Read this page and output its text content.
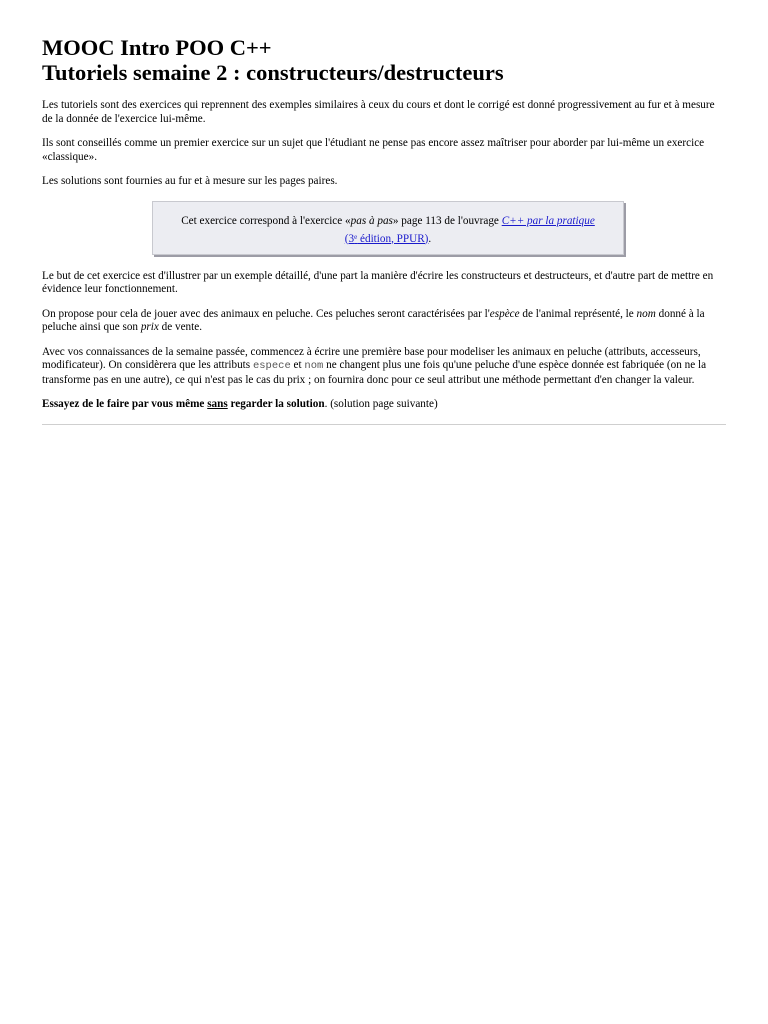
MOOC Intro POO C++
Tutoriels semaine 2 : constructeurs/destructeurs

Les tutoriels sont des exercices qui reprennent des exemples similaires à ceux du cours et dont le corrigé est donné progressivement au fur et à mesure de la donnée de l'exercice lui-même.

Ils sont conseillés comme un premier exercice sur un sujet que l'étudiant ne pense pas encore assez maîtriser pour aborder par lui-même un exercice «classique».

Les solutions sont fournies au fur et à mesure sur les pages paires.

Cet exercice correspond à l'exercice «pas à pas» page 113 de l'ouvrage C++ par la pratique (3e édition, PPUR).

Le but de cet exercice est d'illustrer par un exemple détaillé, d'une part la manière d'écrire les constructeurs et destructeurs, et d'autre part de mettre en évidence leur fonctionnement.

On propose pour cela de jouer avec des animaux en peluche. Ces peluches seront caractérisées par l'espèce de l'animal représenté, le nom donné à la peluche ainsi que son prix de vente.

Avec vos connaissances de la semaine passée, commencez à écrire une première base pour modeliser les animaux en peluche (attributs, accesseurs, modificateur). On considèrera que les attributs espece et nom ne changent plus une fois qu'une peluche d'une espèce donnée est fabriquée (on ne la transforme pas en une autre), ce qui n'est pas le cas du prix ; on fournira donc pour ce seul attribut une méthode permettant d'en changer la valeur.

Essayez de le faire par vous même sans regarder la solution. (solution page suivante)
